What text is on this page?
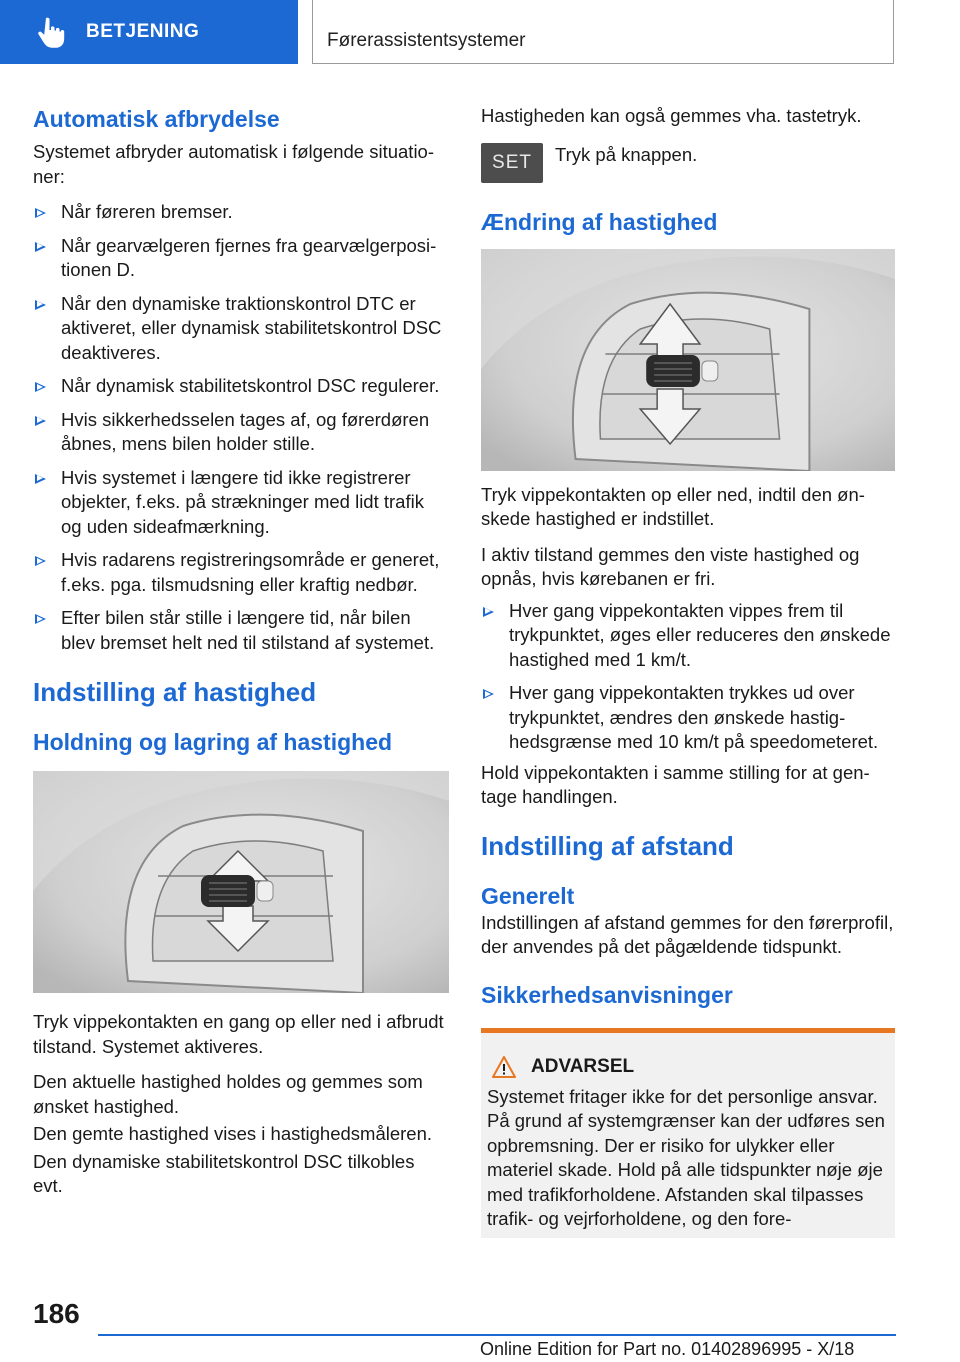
BETJENING	Førerassistentsystemer
Automatisk afbrydelse

Systemet afbryder automatisk i følgende situationer:

Når føreren bremser.
Når gearvælgeren fjernes fra gearvælgerpositionen D.
Når den dynamiske traktionskontrol DTC er aktiveret, eller dynamisk stabilitetskontrol DSC deaktiveres.
Når dynamisk stabilitetskontrol DSC regulerer.
Hvis sikkerhedsselen tages af, og førerdøren åbnes, mens bilen holder stille.
Hvis systemet i længere tid ikke registrerer objekter, f.eks. på strækninger med lidt trafik og uden sideafmærkning.
Hvis radarens registreringsområde er generet, f.eks. pga. tilsmudsning eller kraftig nedbør.
Efter bilen står stille i længere tid, når bilen blev bremset helt ned til stilstand af systemet.
Indstilling af hastighed
Holdning og lagring af hastighed

Tryk vippekontakten en gang op eller ned i afbrudt tilstand. Systemet aktiveres.

Den aktuelle hastighed holdes og gemmes som ønsket hastighed.

Den gemte hastighed vises i hastighedsmåleren.

Den dynamiske stabilitetskontrol DSC tilkobles evt.

Hastigheden kan også gemmes vha. tastetryk.

SET	Tryk på knappen.

Ændring af hastighed

Tryk vippekontakten op eller ned, indtil den ønskede hastighed er indstillet.

I aktiv tilstand gemmes den viste hastighed og opnås, hvis kørebanen er fri.

Hver gang vippekontakten vippes frem til trykpunktet, øges eller reduceres den ønskede hastighed med 1 km/t.
Hver gang vippekontakten trykkes ud over trykpunktet, ændres den ønskede hastighedsgrænse med 10 km/t på speedometeret.

Hold vippekontakten i samme stilling for at gentage handlingen.

Indstilling af afstand
Generelt

Indstillingen af afstand gemmes for den førerprofil, der anvendes på det pågældende tidspunkt.

Sikkerhedsanvisninger
ADVARSEL

Systemet fritager ikke for det personlige ansvar. På grund af systemgrænser kan der udføres sen opbremsning. Der er risiko for ulykker eller materiel skade. Hold på alle tidspunkter nøje øje med trafikforholdene. Afstanden skal tilpasses trafik- og vejrforholdene, og den fore-

186
Online Edition for Part no. 01402896995 - X/18
